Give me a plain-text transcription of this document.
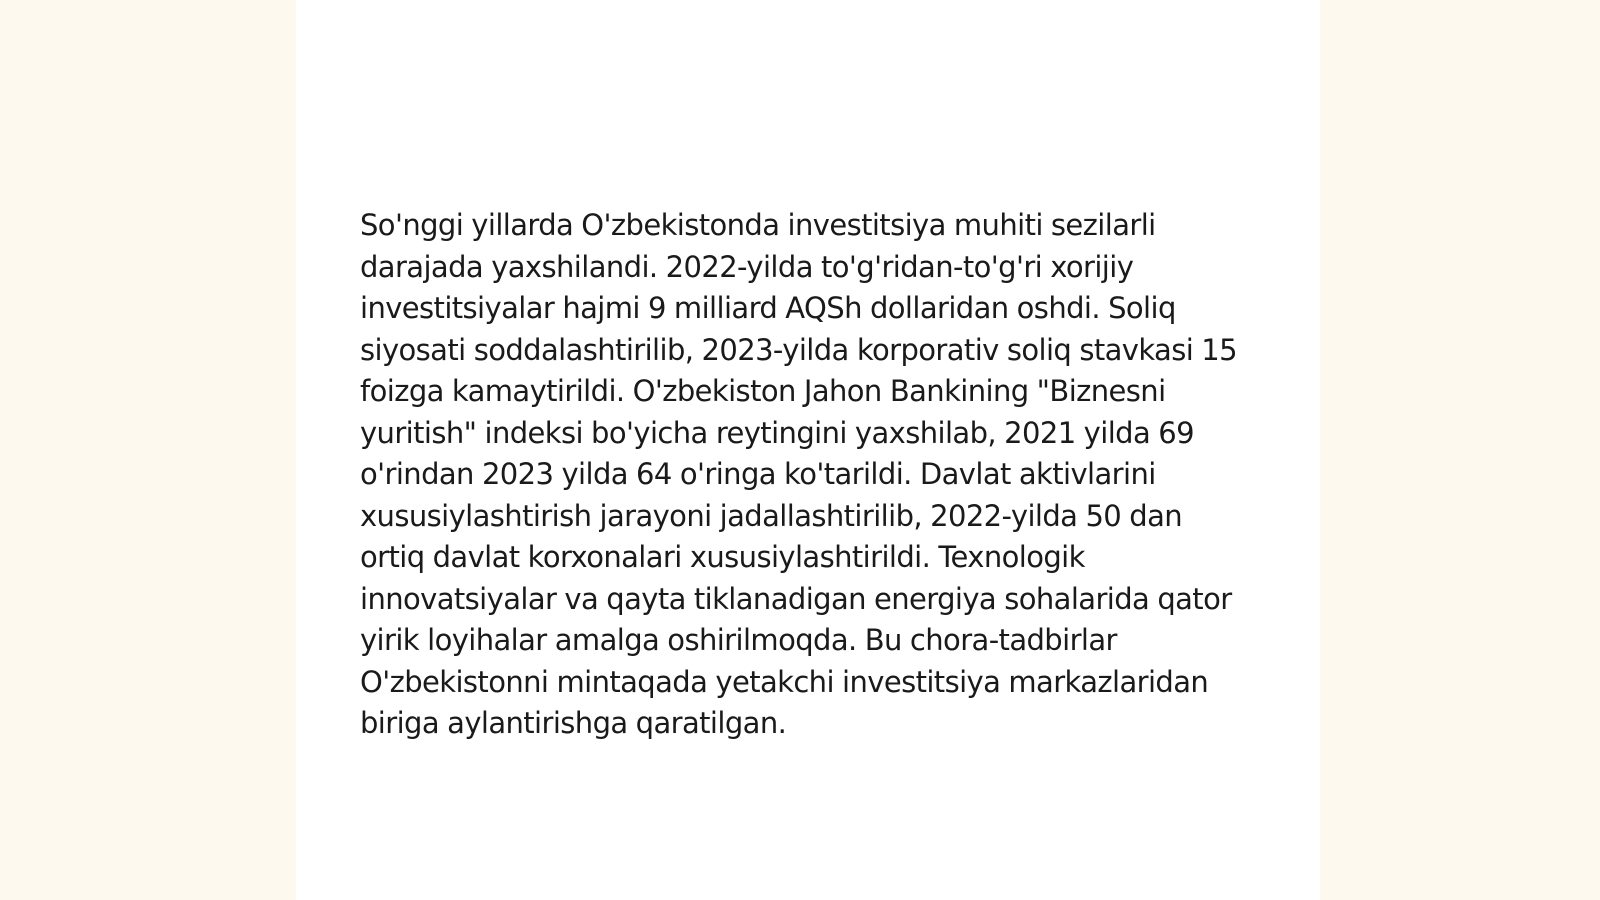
So'nggi yillarda O'zbekistonda investitsiya muhiti sezilarli darajada yaxshilandi. 2022-yilda to'g'ridan-to'g'ri xorijiy investitsiyalar hajmi 9 milliard AQSh dollaridan oshdi. Soliq siyosati soddalashtirilib, 2023-yilda korporativ soliq stavkasi 15 foizga kamaytirildi. O'zbekiston Jahon Bankining "Biznesni yuritish" indeksi bo'yicha reytingini yaxshilab, 2021 yilda 69 o'rindan 2023 yilda 64 o'ringa ko'tarildi. Davlat aktivlarini xususiylashtirish jarayoni jadallashtirilib, 2022-yilda 50 dan ortiq davlat korxonalari xususiylashtirildi. Texnologik innovatsiyalar va qayta tiklanadigan energiya sohalarida qator yirik loyihalar amalga oshirilmoqda. Bu chora-tadbirlar O'zbekistonni mintaqada yetakchi investitsiya markazlaridan biriga aylantirishga qaratilgan.
